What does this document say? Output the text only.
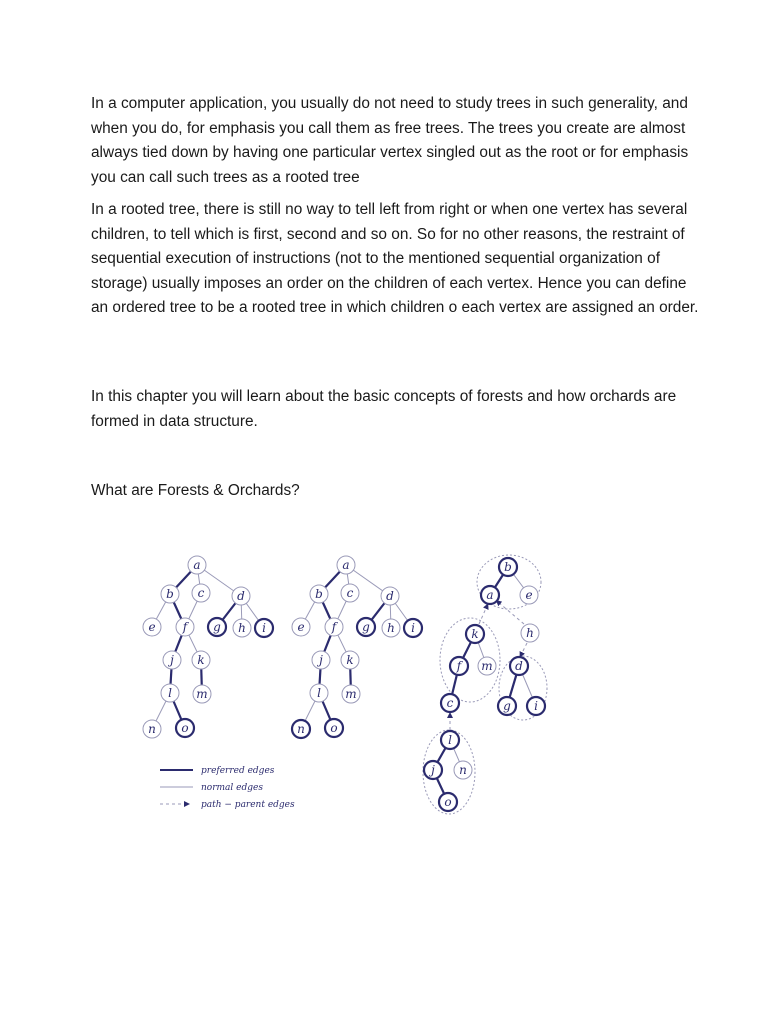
In a computer application, you usually do not need to study trees in such generality, and when you do, for emphasis you call them as free trees. The trees you create are almost always tied down by having one particular vertex singled out as the root or for emphasis you can call such trees as a rooted tree
In a rooted tree, there is still no way to tell left from right or when one vertex has several children, to tell which is first, second and so on. So for no other reasons, the restraint of sequential execution of instructions (not to the mentioned sequential organization of storage) usually imposes an order on the children of each vertex. Hence you can define an ordered tree to be a rooted tree in which children o each vertex are assigned an order.
In this chapter you will learn about the basic concepts of forests and how orchards are formed in data structure.
What are Forests & Orchards?
a
b c	d
e f g h i
j k
l m
n o
a
b c	d
e f g h i
j k
l m
n o
b
a	e
k	h
f m d
c	g i
l
j n
o
preferred edges
normal edges
path − parent edges
